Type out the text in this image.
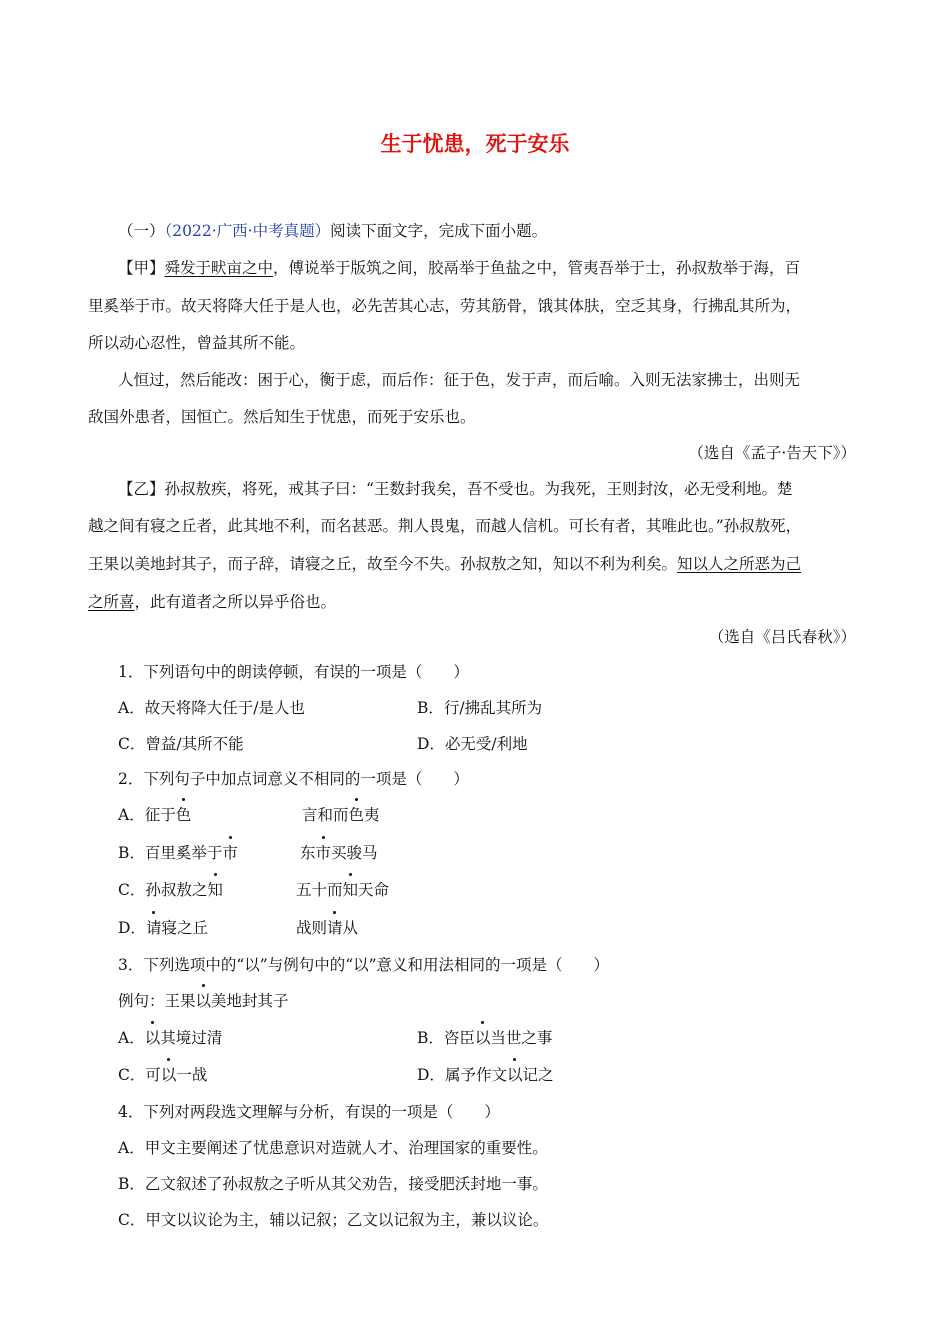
生于忧患，死于安乐
（一）（2022·广西·中考真题）阅读下面文字，完成下面小题。
【甲】舜发于畎亩之中，傅说举于版筑之间，胶鬲举于鱼盐之中，管夷吾举于士，孙叔敖举于海，百
里奚举于市。故天将降大任于是人也，必先苦其心志，劳其筋骨，饿其体肤，空乏其身，行拂乱其所为，
所以动心忍性，曾益其所不能。
人恒过，然后能改：困于心，衡于虑，而后作：征于色，发于声，而后喻。入则无法家拂士，出则无
敌国外患者，国恒亡。然后知生于忧患，而死于安乐也。
（选自《孟子·告天下》）
【乙】孙叔敖疾，将死，戒其子曰：“王数封我矣，吾不受也。为我死，王则封汝，必无受利地。楚
越之间有寝之丘者，此其地不利，而名甚恶。荆人畏鬼，而越人信机。可长有者，其唯此也。”孙叔敖死，
王果以美地封其子，而子辞，请寝之丘，故至今不失。孙叔敖之知，知以不利为利矣。知以人之所恶为己
之所喜，此有道者之所以异乎俗也。
（选自《吕氏春秋》）
1．下列语句中的朗读停顿，有误的一项是（　　）
A．故天将降大任于/是人也	B．行/拂乱其所为
C．曾益/其所不能	D．必无受/利地
2．下列句子中加点词意义不相同的一项是（　　）
A．征于色	言和而色夷
B．百里奚举于市	东市买骏马
C．孙叔敖之知	五十而知天命
D．请寝之丘	战则请从
3．下列选项中的“以”与例句中的“以”意义和用法相同的一项是（　　）
例句：王果以美地封其子
A．以其境过清	B．咨臣以当世之事
C．可以一战	D．属予作文以记之
4．下列对两段选文理解与分析，有误的一项是（　　）
A．甲文主要阐述了忧患意识对造就人才、治理国家的重要性。
B．乙文叙述了孙叔敖之子听从其父劝告，接受肥沃封地一事。
C．甲文以议论为主，辅以记叙；乙文以记叙为主，兼以议论。
